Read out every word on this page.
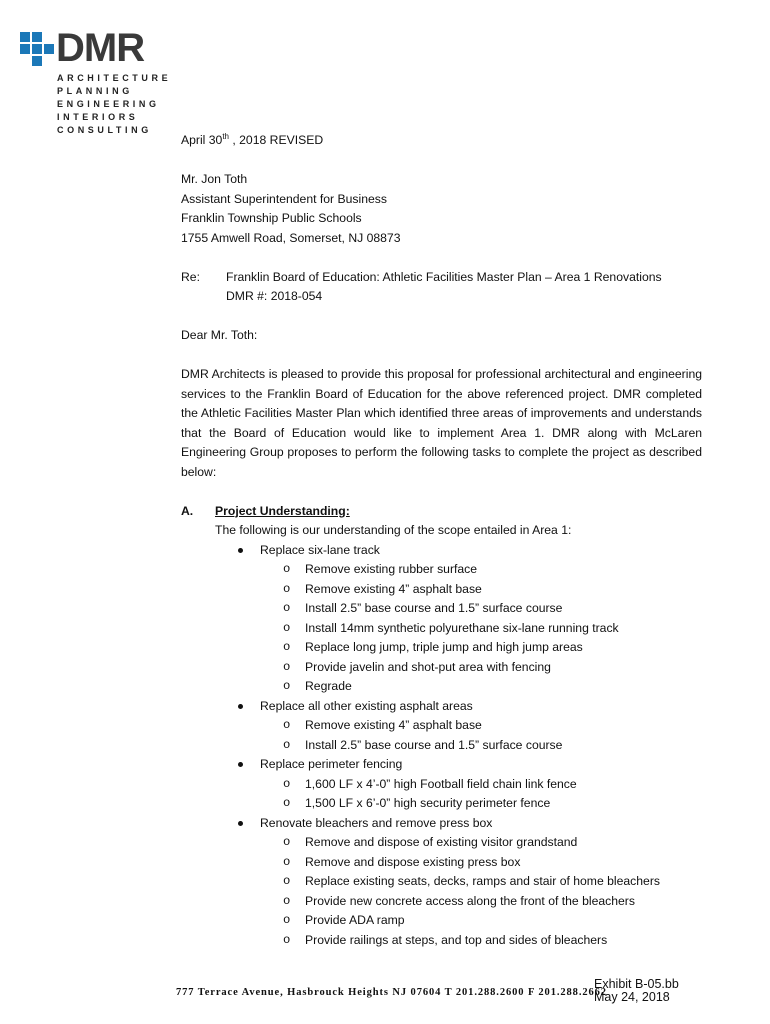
DMR
ARCHITECTURE
PLANNING
ENGINEERING
INTERIORS
CONSULTING
April 30th , 2018 REVISED
Mr. Jon Toth
Assistant Superintendent for Business
Franklin Township Public Schools
1755 Amwell Road, Somerset, NJ 08873
Re:	Franklin Board of Education: Athletic Facilities Master Plan – Area 1 Renovations
DMR #: 2018-054
Dear Mr. Toth:
DMR Architects is pleased to provide this proposal for professional architectural and engineering services to the Franklin Board of Education for the above referenced project. DMR completed the Athletic Facilities Master Plan which identified three areas of improvements and understands that the Board of Education would like to implement Area 1. DMR along with McLaren Engineering Group proposes to perform the following tasks to complete the project as described below:
A.	Project Understanding:
The following is our understanding of the scope entailed in Area 1:
Replace six-lane track
o Remove existing rubber surface
o Remove existing 4” asphalt base
o Install 2.5” base course and 1.5” surface course
o Install 14mm synthetic polyurethane six-lane running track
o Replace long jump, triple jump and high jump areas
o Provide javelin and shot-put area with fencing
o Regrade
Replace all other existing asphalt areas
o Remove existing 4” asphalt base
o Install 2.5” base course and 1.5” surface course
Replace perimeter fencing
o 1,600 LF x 4’-0” high Football field chain link fence
o 1,500 LF x 6’-0” high security perimeter fence
Renovate bleachers and remove press box
o Remove and dispose of existing visitor grandstand
o Remove and dispose existing press box
o Replace existing seats, decks, ramps and stair of home bleachers
o Provide new concrete access along the front of the bleachers
o Provide ADA ramp
o Provide railings at steps, and top and sides of bleachers
777 Terrace Avenue, Hasbrouck Heights NJ 07604 T 201.288.2600 F 201.288.2662
Exhibit B-05.bb
May 24, 2018
